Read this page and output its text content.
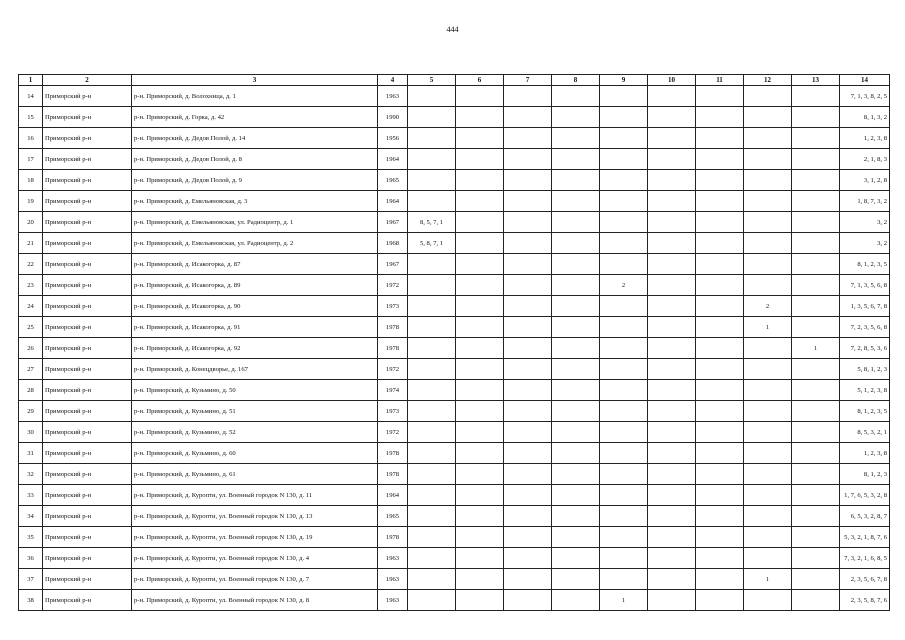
444
1	2	3	4	5	6	7	8	9	10	11	12	13	14
14	Приморский р-н	р-н. Приморский, д. Волохница, д. 1	1963										7, 1, 3, 8, 2, 5
15	Приморский р-н	р-н. Приморский, д. Горка, д. 42	1990										8, 1, 3, 2
16	Приморский р-н	р-н. Приморский, д. Дедов Полой, д. 14	1956										1, 2, 3, 8
17	Приморский р-н	р-н. Приморский, д. Дедов Полой, д. 8	1964										2, 1, 8, 3
18	Приморский р-н	р-н. Приморский, д. Дедов Полой, д. 9	1965										3, 1, 2, 8
19	Приморский р-н	р-н. Приморский, д. Емельяновская, д. 3	1964										1, 8, 7, 3, 2
20	Приморский р-н	р-н. Приморский, д. Емельяновская, ул. Радиоцентр, д. 1	1967	8, 5, 7, 1									3, 2
21	Приморский р-н	р-н. Приморский, д. Емельяновская, ул. Радиоцентр, д. 2	1968	5, 8, 7, 1									3, 2
22	Приморский р-н	р-н. Приморский, д. Исакогорка, д. 87	1967										8, 1, 2, 3, 5
23	Приморский р-н	р-н. Приморский, д. Исакогорка, д. 89	1972					2					7, 1, 3, 5, 6, 8
24	Приморский р-н	р-н. Приморский, д. Исакогорка, д. 90	1973								2		1, 3, 5, 6, 7, 8
25	Приморский р-н	р-н. Приморский, д. Исакогорка, д. 91	1978								1		7, 2, 3, 5, 6, 8
26	Приморский р-н	р-н. Приморский, д. Исакогорка, д. 92	1978									1	7, 2, 8, 5, 3, 6
27	Приморский р-н	р-н. Приморский, д. Конецдворье, д. 167	1972										5, 8, 1, 2, 3
28	Приморский р-н	р-н. Приморский, д. Кузьмино, д. 50	1974										5, 1, 2, 3, 8
29	Приморский р-н	р-н. Приморский, д. Кузьмино, д. 51	1973										8, 1, 2, 3, 5
30	Приморский р-н	р-н. Приморский, д. Кузьмино, д. 52	1972										8, 5, 3, 2, 1
31	Приморский р-н	р-н. Приморский, д. Кузьмино, д. 60	1978										1, 2, 3, 8
32	Приморский р-н	р-н. Приморский, д. Кузьмино, д. 61	1978										8, 1, 2, 3
33	Приморский р-н	р-н. Приморский, д. Куропти, ул. Военный городок N 130, д. 11	1964										1, 7, 6, 5, 3, 2, 8
34	Приморский р-н	р-н. Приморский, д. Куропти, ул. Военный городок N 130, д. 13	1965										6, 5, 3, 2, 8, 7
35	Приморский р-н	р-н. Приморский, д. Куропти, ул. Военный городок N 130, д. 19	1978										5, 3, 2, 1, 8, 7, 6
36	Приморский р-н	р-н. Приморский, д. Куропти, ул. Военный городок N 130, д. 4	1963										7, 3, 2, 1, 6, 8, 5
37	Приморский р-н	р-н. Приморский, д. Куропти, ул. Военный городок N 130, д. 7	1963								1		2, 3, 5, 6, 7, 8
38	Приморский р-н	р-н. Приморский, д. Куропти, ул. Военный городок N 130, д. 8	1963					1					2, 3, 5, 8, 7, 6
